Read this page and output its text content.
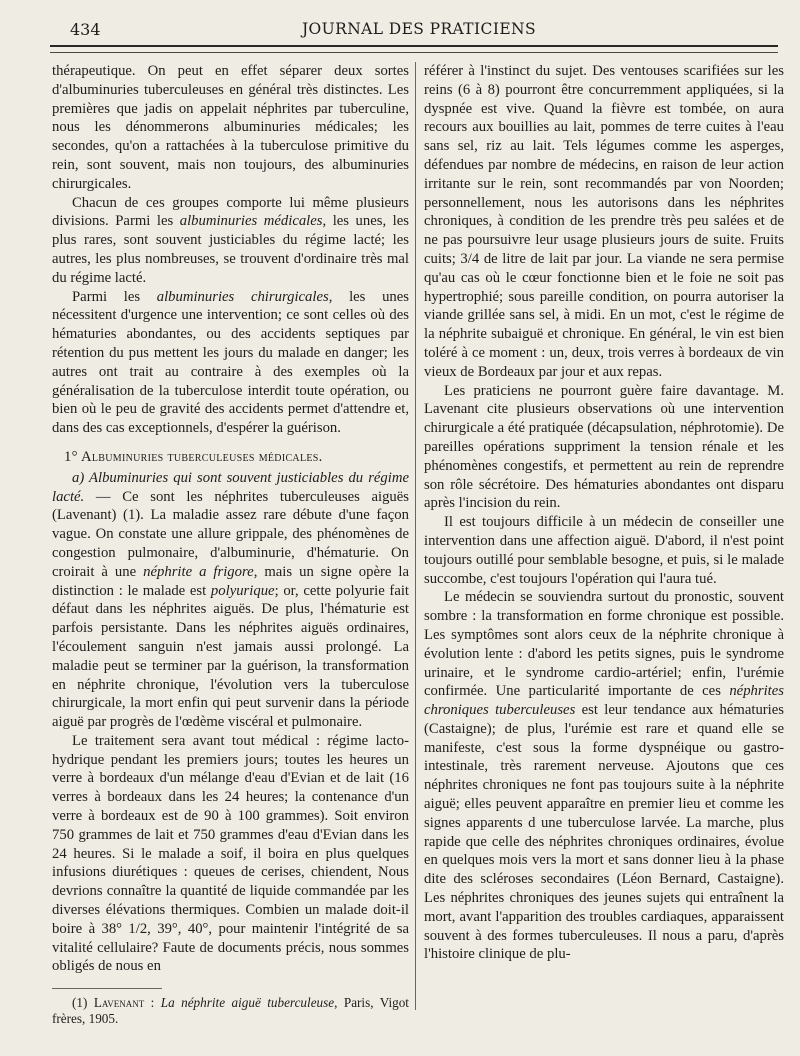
434	JOURNAL DES PRATICIENS

thérapeutique. On peut en effet séparer deux sortes d'albuminuries tuberculeuses en général très distinctes. Les premières que jadis on appelait néphrites par tuberculine, nous les dénommerons albuminuries médicales; les secondes, qu'on a rattachées à la tuberculose primitive du rein, sont souvent, mais non toujours, des albuminuries chirurgicales.

Chacun de ces groupes comporte lui même plusieurs divisions. Parmi les albuminuries médicales, les unes, les plus rares, sont souvent justiciables du régime lacté; les autres, les plus nombreuses, se trouvent d'ordinaire très mal du régime lacté.

Parmi les albuminuries chirurgicales, les unes nécessitent d'urgence une intervention; ce sont celles où des hématuries abondantes, ou des accidents septiques par rétention du pus mettent les jours du malade en danger; les autres ont trait au contraire à des exemples où la généralisation de la tuberculose interdit toute opération, ou bien où le peu de gravité des accidents permet d'attendre et, dans des cas exceptionnels, d'espérer la guérison.

1° Albuminuries tuberculeuses médicales.

a) Albuminuries qui sont souvent justiciables du régime lacté. — Ce sont les néphrites tuberculeuses aiguës (Lavenant) (1). La maladie assez rare débute d'une façon vague. On constate une allure grippale, des phénomènes de congestion pulmonaire, d'albuminurie, d'hématurie. On croirait à une néphrite a frigore, mais un signe opère la distinction : le malade est polyurique; or, cette polyurie fait défaut dans les néphrites aiguës. De plus, l'hématurie est parfois persistante. Dans les néphrites aiguës ordinaires, l'écoulement sanguin n'est jamais aussi prolongé. La maladie peut se terminer par la guérison, la transformation en néphrite chronique, l'évolution vers la tuberculose chirurgicale, la mort enfin qui peut survenir dans la période aiguë par progrès de l'œdème viscéral et pulmonaire.

Le traitement sera avant tout médical : régime lacto-hydrique pendant les premiers jours; toutes les heures un verre à bordeaux d'un mélange d'eau d'Evian et de lait (16 verres à bordeaux dans les 24 heures; la contenance d'un verre à bordeaux est de 90 à 100 grammes). Soit environ 750 grammes de lait et 750 grammes d'eau d'Evian dans les 24 heures. Si le malade a soif, il boira en plus quelques infusions diurétiques : queues de cerises, chiendent, Nous devrions connaître la quantité de liquide commandée par les diverses élévations thermiques. Combien un malade doit-il boire à 38° 1/2, 39°, 40°, pour maintenir l'intégrité de sa vitalité cellulaire? Faute de documents précis, nous sommes obligés de nous en

(1) Lavenant : La néphrite aiguë tuberculeuse, Paris, Vigot frères, 1905.

référer à l'instinct du sujet. Des ventouses scarifiées sur les reins (6 à 8) pourront être concurremment appliquées, si la dyspnée est vive. Quand la fièvre est tombée, on aura recours aux bouillies au lait, pommes de terre cuites à l'eau sans sel, riz au lait. Tels légumes comme les asperges, défendues par nombre de médecins, en raison de leur action irritante sur le rein, sont recommandés par von Noorden; personnellement, nous les autorisons dans les néphrites chroniques, à condition de les prendre très peu salées et de ne pas poursuivre leur usage plusieurs jours de suite. Fruits cuits; 3/4 de litre de lait par jour. La viande ne sera permise qu'au cas où le cœur fonctionne bien et le foie ne soit pas hypertrophié; sous pareille condition, on pourra autoriser la viande grillée sans sel, à midi. En un mot, c'est le régime de la néphrite subaiguë et chronique. En général, le vin est bien toléré à ce moment : un, deux, trois verres à bordeaux de vin vieux de Bordeaux par jour et aux repas.

Les praticiens ne pourront guère faire davantage. M. Lavenant cite plusieurs observations où une intervention chirurgicale a été pratiquée (décapsulation, néphrotomie). De pareilles opérations suppriment la tension rénale et les phénomènes congestifs, et permettent au rein de reprendre son rôle sécrétoire. Des hématuries abondantes ont disparu après l'incision du rein.

Il est toujours difficile à un médecin de conseiller une intervention dans une affection aiguë. D'abord, il n'est point toujours outillé pour semblable besogne, et puis, si le malade succombe, c'est toujours l'opération qui l'aura tué.

Le médecin se souviendra surtout du pronostic, souvent sombre : la transformation en forme chronique est possible. Les symptômes sont alors ceux de la néphrite chronique à évolution lente : d'abord les petits signes, puis le syndrome urinaire, et le syndrome cardio-artériel; enfin, l'urémie confirmée. Une particularité importante de ces néphrites chroniques tuberculeuses est leur tendance aux hématuries (Castaigne); de plus, l'urémie est rare et quand elle se manifeste, c'est sous la forme dyspnéique ou gastro-intestinale, très rarement nerveuse. Ajoutons que ces néphrites chroniques ne font pas toujours suite à la néphrite aiguë; elles peuvent apparaître en premier lieu et comme les signes apparents d une tuberculose larvée. La marche, plus rapide que celle des néphrites chroniques ordinaires, évolue en quelques mois vers la mort et sans donner lieu à la phase dite des scléroses secondaires (Léon Bernard, Castaigne). Les néphrites chroniques des jeunes sujets qui entraînent la mort, avant l'apparition des troubles cardiaques, apparaissent souvent à des formes tuberculeuses. Il nous a paru, d'après l'histoire clinique de plu-
